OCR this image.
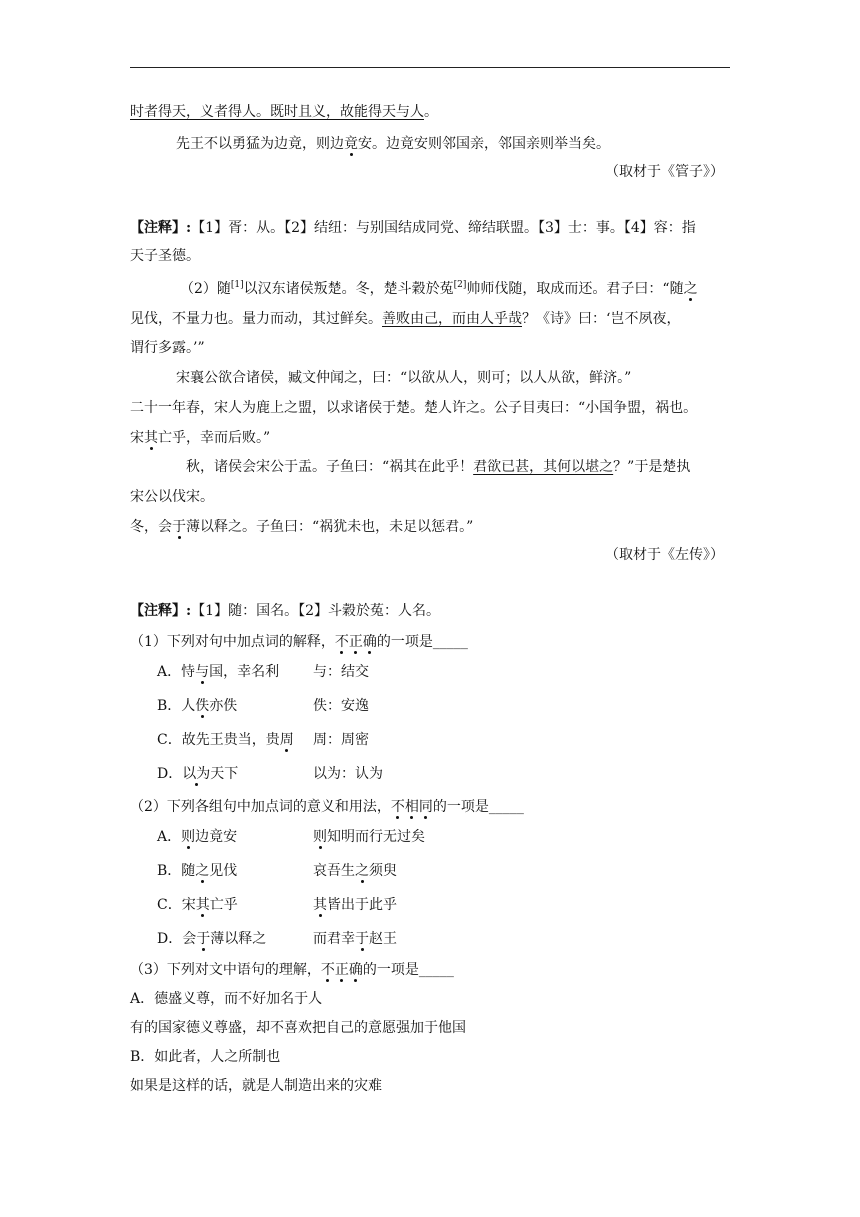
时者得天，义者得人。既时且义，故能得天与人。
先王不以勇猛为边竟，则边竟安。边竟安则邻国亲，邻国亲则举当矣。
（取材于《管子》）
【注释】:【1】胥：从。【2】结纽：与别国结成同党、缔结联盟。【3】士：事。【4】容：指
天子圣德。
（2）随[1]以汉东诸侯叛楚。冬，楚斗穀於菟[2]帅师伐随，取成而还。君子曰：“随之
见伐，不量力也。量力而动，其过鲜矣。善败由己，而由人乎哉？《诗》曰：‘岂不夙夜，
谓行多露。’”
宋襄公欲合诸侯，臧文仲闻之，曰：“以欲从人，则可；以人从欲，鲜济。”
二十一年春，宋人为鹿上之盟，以求诸侯于楚。楚人许之。公子目夷曰：“小国争盟，祸也。
宋其亡乎，幸而后败。”
秋，诸侯会宋公于盂。子鱼曰：“祸其在此乎！君欲已甚，其何以堪之？”于是楚执
宋公以伐宋。
冬，会于薄以释之。子鱼曰：“祸犹未也，未足以惩君。”
（取材于《左传》）
【注释】:【1】随：国名。【2】斗穀於菟：人名。
（1）下列对句中加点词的解释，不正确的一项是_____
A．恃与国，幸名利 与：结交
B．人佚亦佚	佚：安逸
C．故先王贵当，贵周 周：周密
D．以为天下	以为：认为
（2）下列各组句中加点词的意义和用法，不相同的一项是_____
A．则边竟安	则知明而行无过矣
B．随之见伐	哀吾生之须臾
C．宋其亡乎	其皆出于此乎
D．会于薄以释之	而君幸于赵王
（3）下列对文中语句的理解，不正确的一项是_____
A．德盛义尊，而不好加名于人
有的国家德义尊盛，却不喜欢把自己的意愿强加于他国
B．如此者，人之所制也
如果是这样的话，就是人制造出来的灾难
